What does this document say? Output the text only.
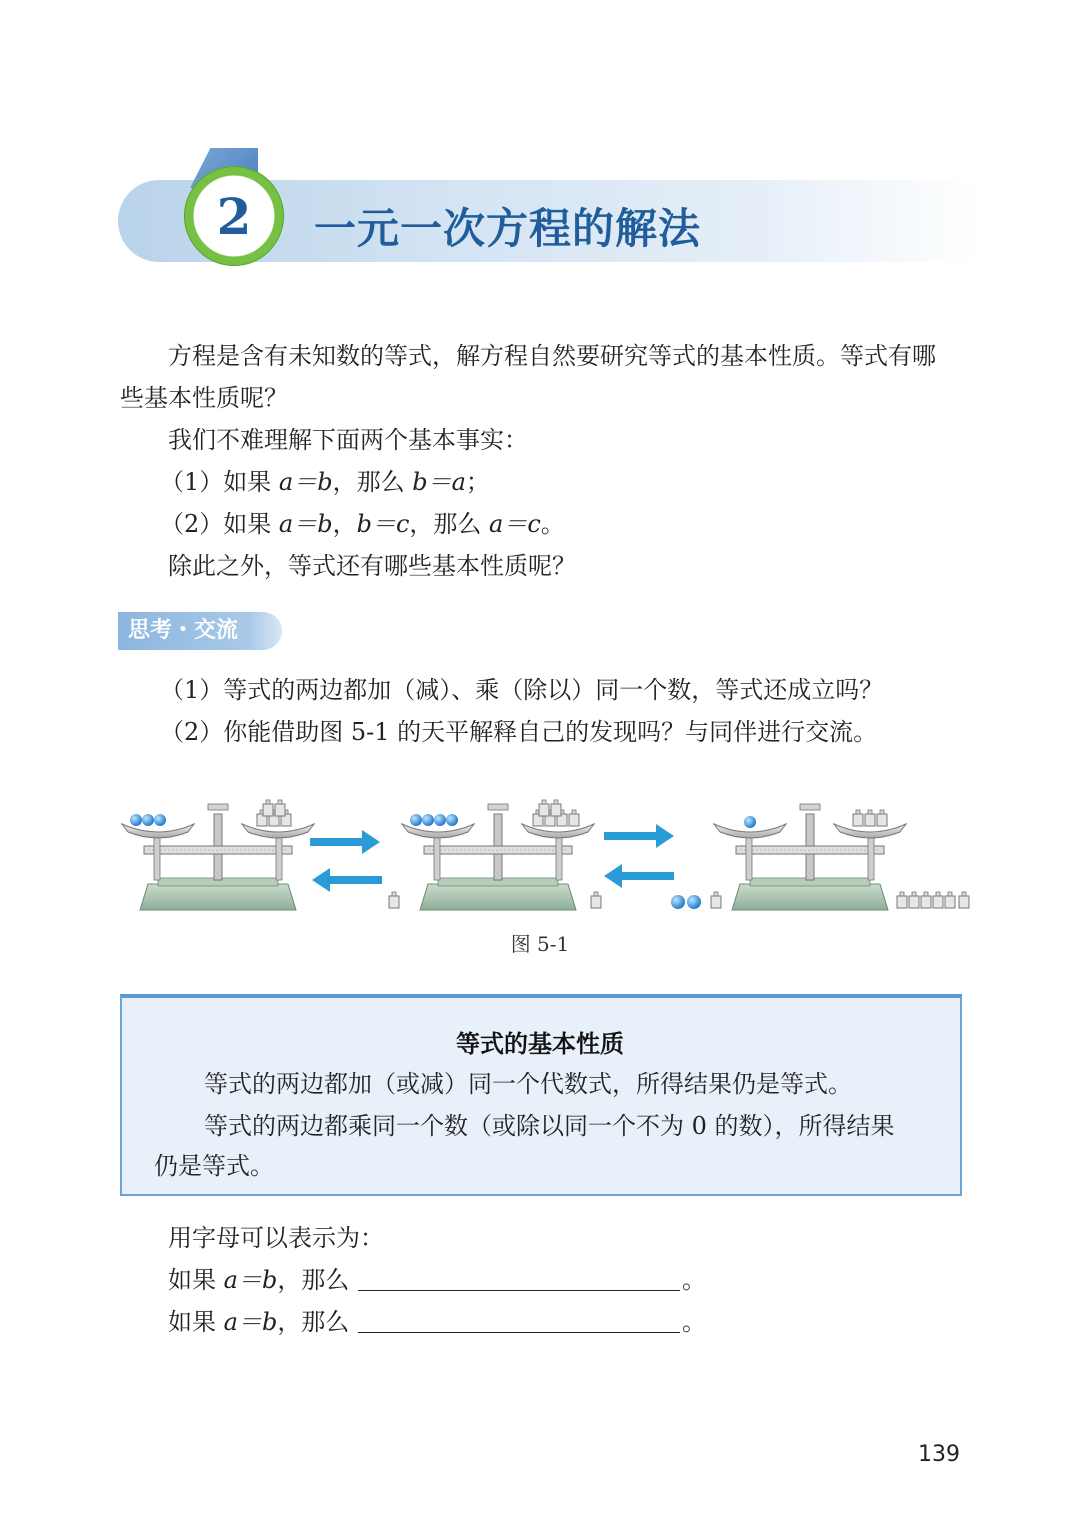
2	一元一次方程的解法
方程是含有未知数的等式，解方程自然要研究等式的基本性质。等式有哪
些基本性质呢？
我们不难理解下面两个基本事实：
（1）如果 a＝b，那么 b＝a；
（2）如果 a＝b，b＝c，那么 a＝c。
除此之外，等式还有哪些基本性质呢？
思考・交流
（1）等式的两边都加（减）、乘（除以）同一个数，等式还成立吗？
（2）你能借助图 5-1 的天平解释自己的发现吗？与同伴进行交流。
图 5-1
等式的基本性质
等式的两边都加（或减）同一个代数式，所得结果仍是等式。
等式的两边都乘同一个数（或除以同一个不为 0 的数），所得结果
仍是等式。
用字母可以表示为：
如果 a＝b，那么	。
如果 a＝b，那么	。
139
